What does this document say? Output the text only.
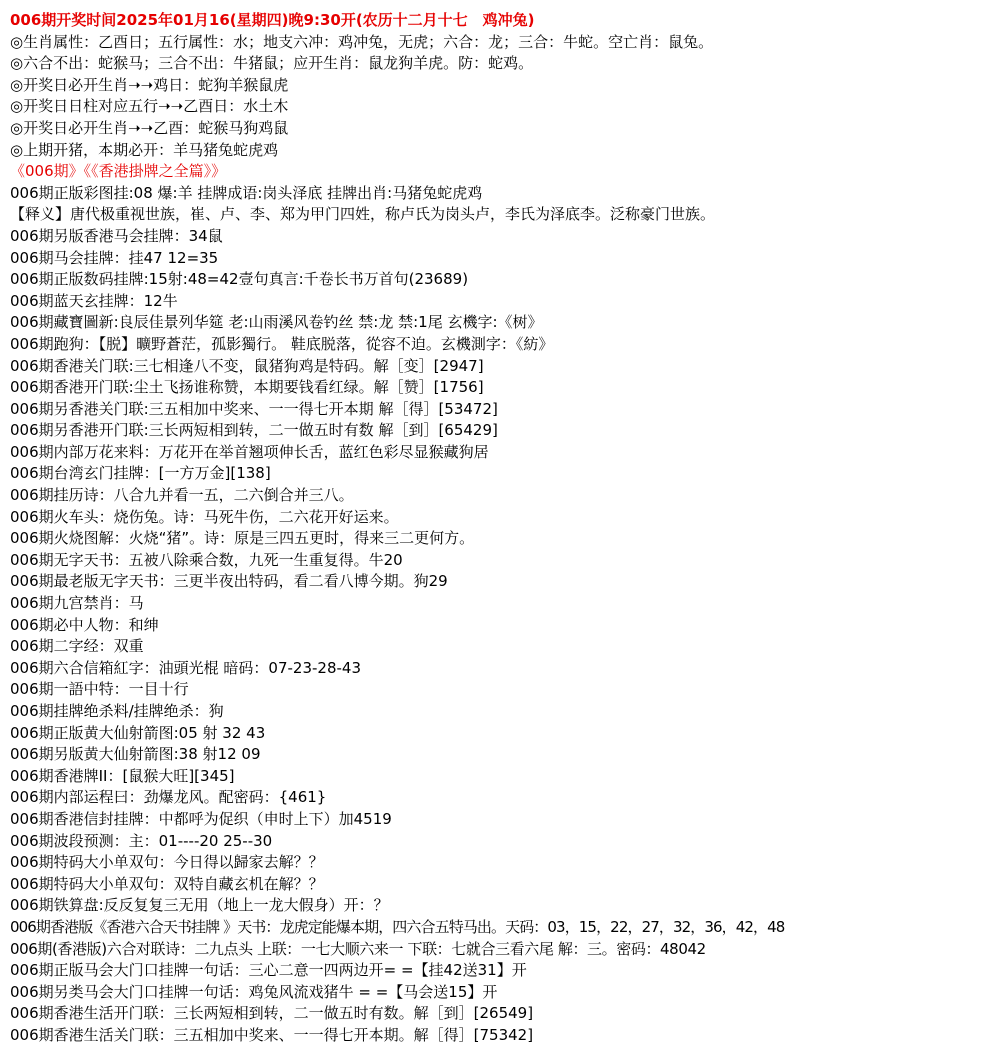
006期开奖时间2025年01月16(星期四)晚9:30开(农历十二月十七　鸡冲兔)
◎生肖属性：乙酉日；五行属性：水；地支六冲：鸡冲兔，无虎；六合：龙；三合：牛蛇。空亡肖：鼠兔。
◎六合不出：蛇猴马；三合不出：牛猪鼠；应开生肖：鼠龙狗羊虎。防：蛇鸡。
◎开奖日必开生肖➝➝鸡日：蛇狗羊猴鼠虎
◎开奖日日柱对应五行➝➝乙酉日：水土木
◎开奖日必开生肖➝➝乙酉：蛇猴马狗鸡鼠
◎上期开猪，本期必开：羊马猪兔蛇虎鸡
《006期》《《香港掛牌之全篇》》
006期正版彩图挂:08 爆:羊 挂牌成语:岗头泽底 挂牌出肖:马猪兔蛇虎鸡
【释义】唐代极重视世族，崔、卢、李、郑为甲门四姓，称卢氏为岗头卢，李氏为泽底李。泛称豪门世族。
006期另版香港马会挂牌：34鼠
006期马会挂牌：挂47 12=35
006期正版数码挂牌:15射:48=42壹句真言:千卷长书万首句(23689)
006期蓝天玄挂牌：12牛
006期藏寶圖新:良辰佳景列华筵 老:山雨溪风卷钓丝 禁:龙 禁:1尾 玄機字:《树》
006期跑狗：【脱】曠野蒼茫，孤影獨行。 鞋底脱落，從容不迫。玄機測字：《紡》
006期香港关门联:三七相逢八不变，鼠猪狗鸡是特码。解［变］[2947]
006期香港开门联:尘土飞扬谁称赞，本期要钱看红绿。解［赞］[1756]
006期另香港关门联:三五相加中奖来、一一得七开本期 解［得］[53472]
006期另香港开门联:三长两短相到转，二一做五时有数 解［到］[65429]
006期内部万花来料：万花开在举首翘项伸长舌，蓝红色彩尽显猴藏狗居
006期台湾玄门挂牌：[一方万金][138]
006期挂历诗：八合九并看一五，二六倒合并三八。
006期火车头：烧伤兔。诗：马死牛伤，二六花开好运来。
006期火烧图解：火烧“猪”。诗：原是三四五更时，得来三二更何方。
006期无字天书：五被八除乘合数，九死一生重复得。牛20
006期最老版无字天书：三更半夜出特码，看二看八博今期。狗29
006期九宫禁肖：马
006期必中人物：和绅
006期二字经：双重
006期六合信箱紅字：油頭光棍 暗码：07-23-28-43
006期一語中特：一目十行
006期挂牌绝杀料/挂牌绝杀：狗
006期正版黄大仙射箭图:05 射 32 43
006期另版黄大仙射箭图:38 射12 09
006期香港牌II：[鼠猴大旺][345]
006期内部运程曰：劲爆龙风。配密码：{461}
006期香港信封挂牌：中都呼为促织（申时上下）加4519
006期波段预测：主：01----20 25--30
006期特码大小单双句：今日得以歸家去解？？
006期特码大小单双句：双特自藏玄机在解？？
006期铁算盘:反反复复三无用（地上一龙大假身）开：？
006期香港版《香港六合天书挂牌 》天书：龙虎定能爆本期，四六合五特马出。天码：03，15，22，27，32，36，42，48
006期(香港版)六合对联诗：二九点头 上联：一七大顺六来一 下联：七就合三看六尾 解：三。密码：48042
006期正版马会大门口挂牌一句话：三心二意一四两边开= =【挂42送31】开
006期另类马会大门口挂牌一句话：鸡兔风流戏猪牛 = =【马会送15】开
006期香港生活开门联：三长两短相到转，二一做五时有数。解［到］[26549]
006期香港生活关门联：三五相加中奖来、一一得七开本期。解［得］[75342]
